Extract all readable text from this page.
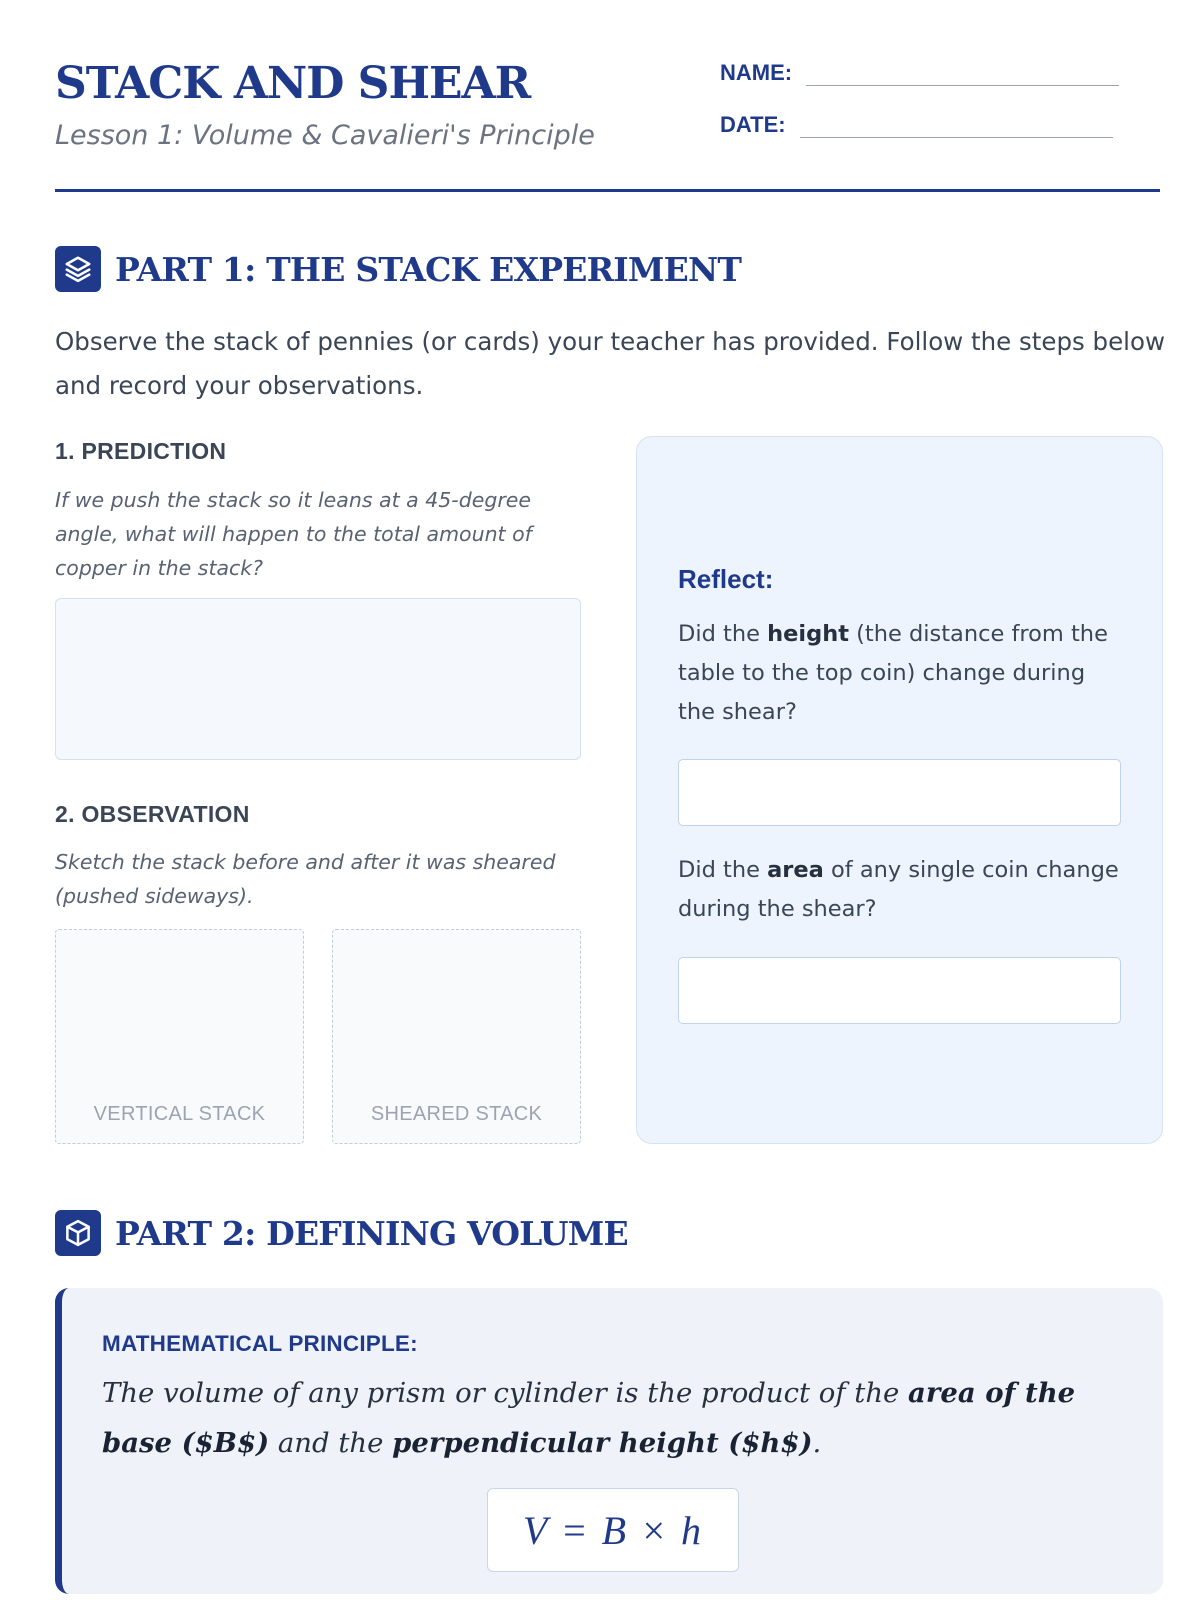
STACK AND SHEAR
Lesson 1: Volume & Cavalieri's Principle
NAME:
DATE:
PART 1: THE STACK EXPERIMENT
Observe the stack of pennies (or cards) your teacher has provided. Follow the steps below and record your observations.
1. PREDICTION
If we push the stack so it leans at a 45-degree angle, what will happen to the total amount of copper in the stack?
2. OBSERVATION
Sketch the stack before and after it was sheared (pushed sideways).
VERTICAL STACK	SHEARED STACK
Reflect:
Did the height (the distance from the table to the top coin) change during the shear?
Did the area of any single coin change during the shear?
PART 2: DEFINING VOLUME
MATHEMATICAL PRINCIPLE:
The volume of any prism or cylinder is the product of the area of the base ($B$) and the perpendicular height ($h$).
V = B × h
